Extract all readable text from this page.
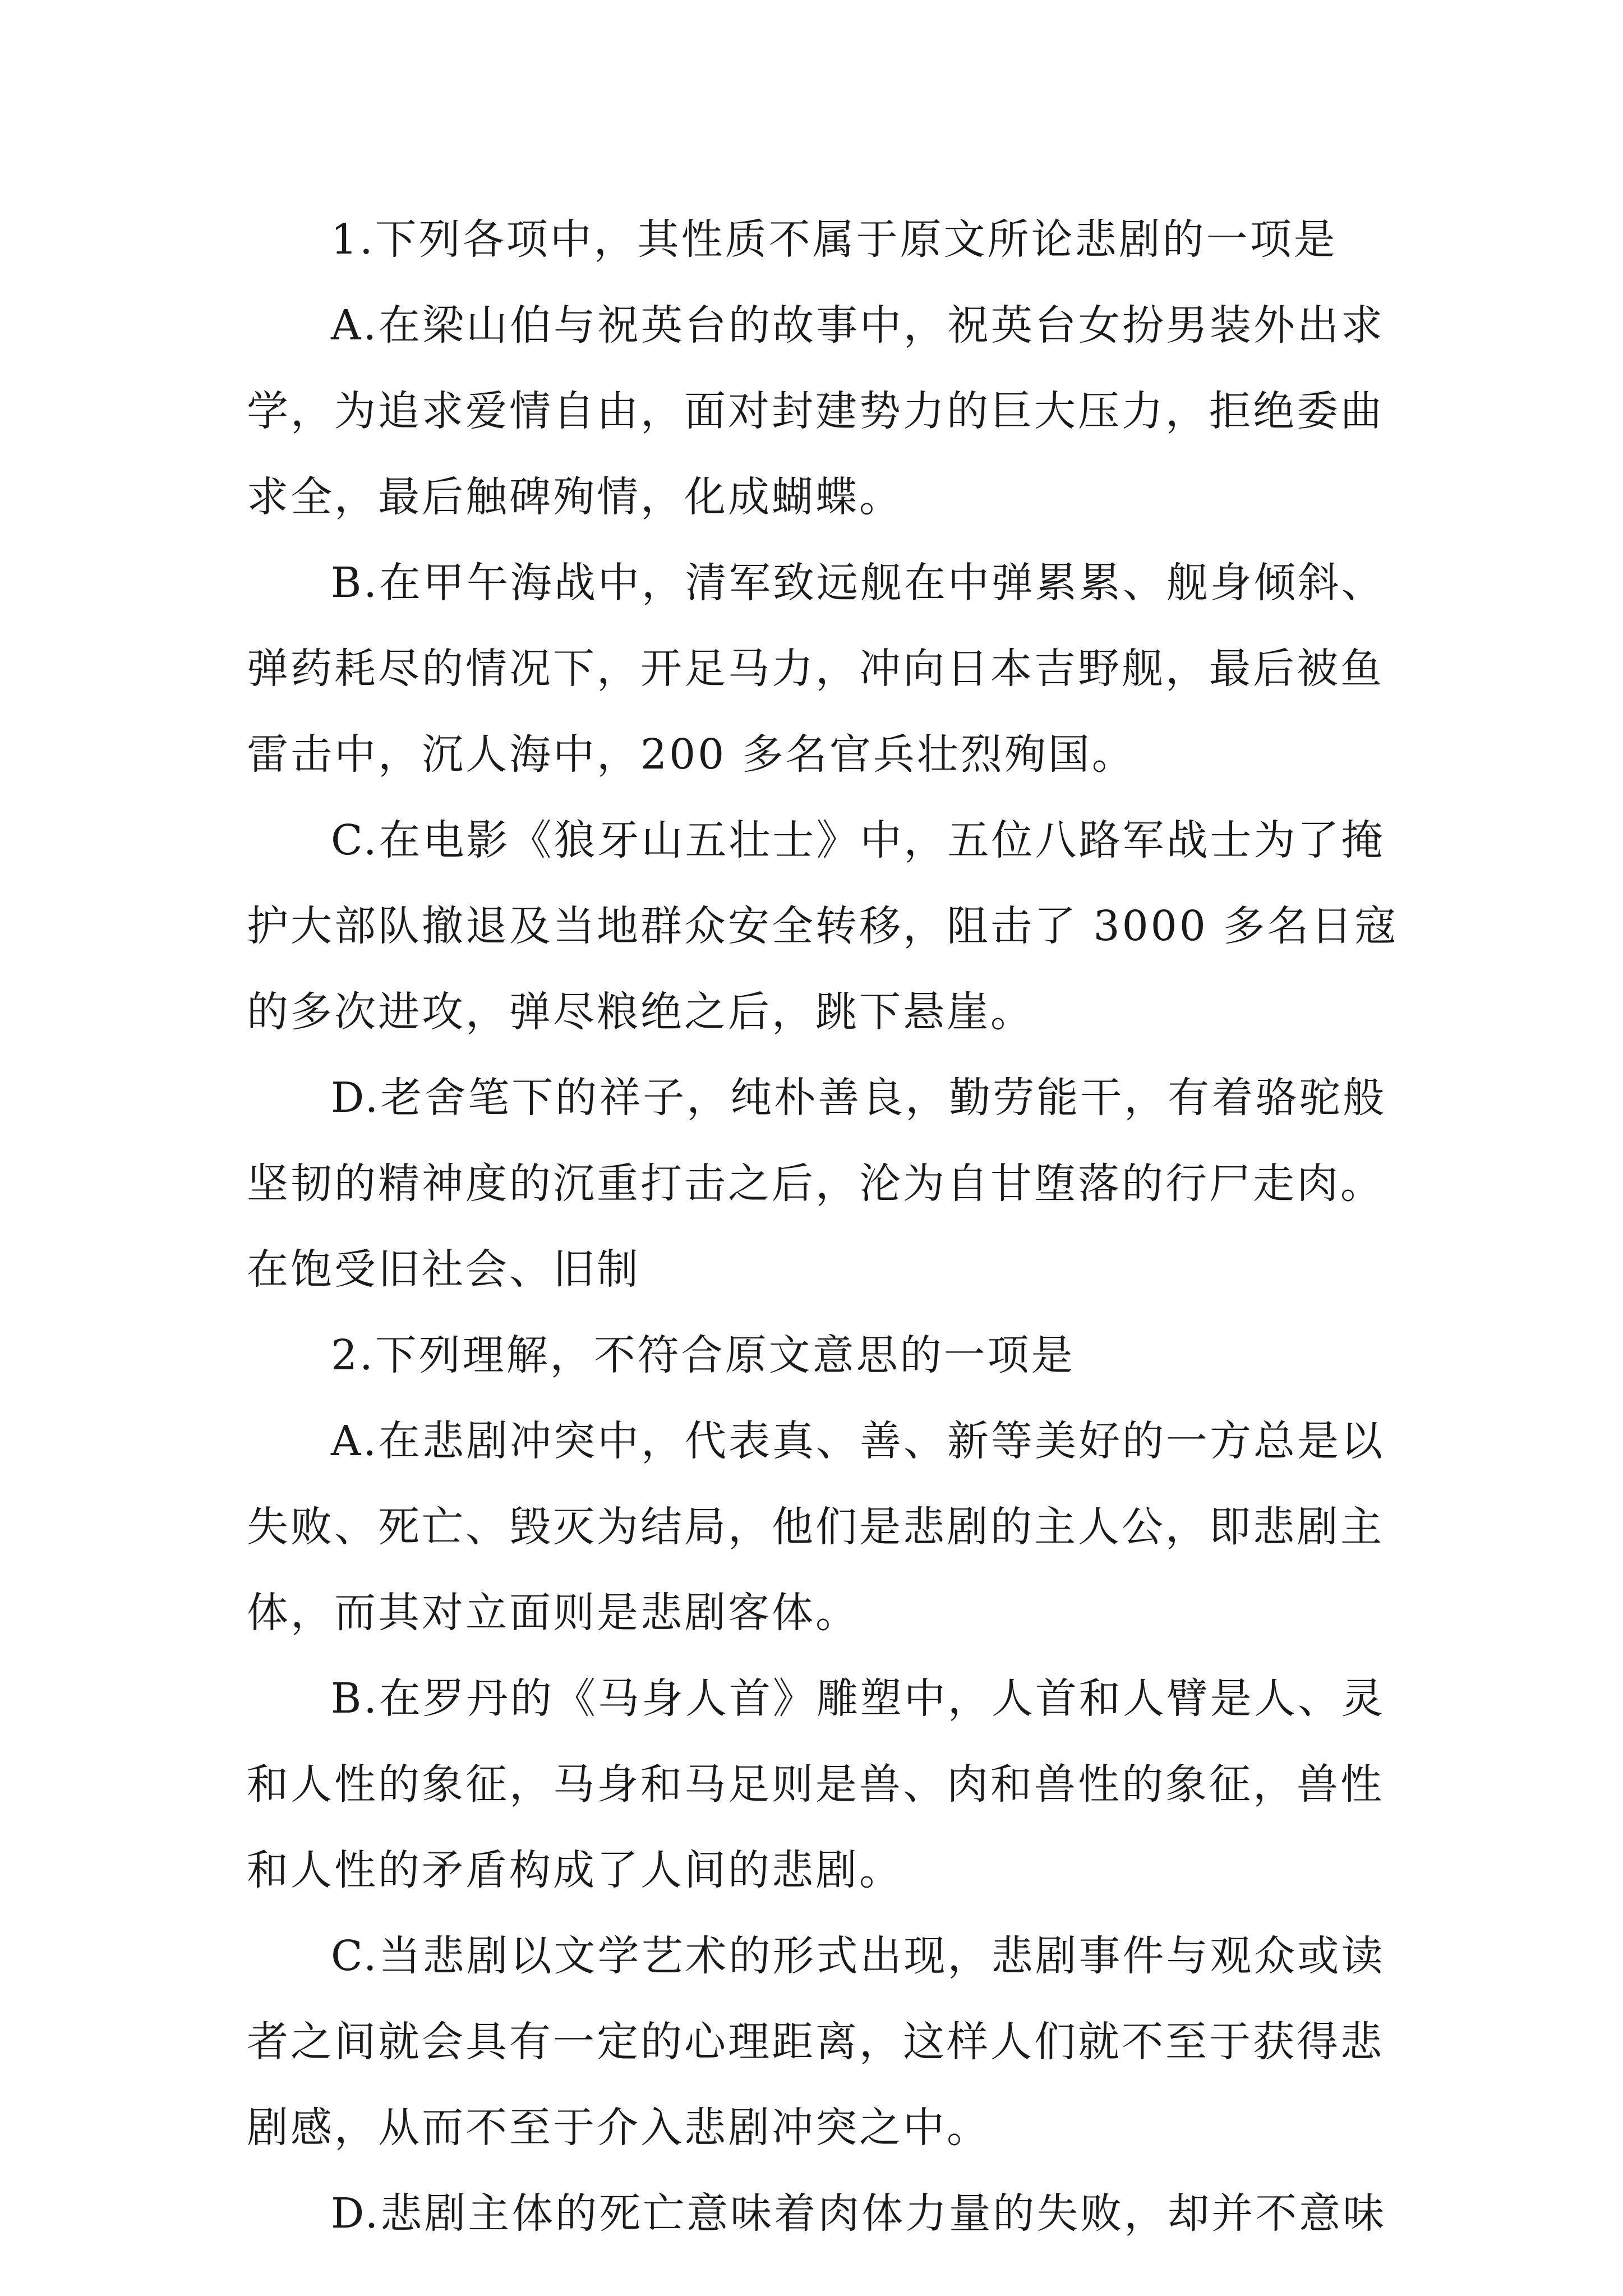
1.下列各项中，其性质不属于原文所论悲剧的一项是
A.在梁山伯与祝英台的故事中，祝英台女扮男装外出求
学，为追求爱情自由，面对封建势力的巨大压力，拒绝委曲
求全，最后触碑殉情，化成蝴蝶。
B.在甲午海战中，清军致远舰在中弹累累、舰身倾斜、
弹药耗尽的情况下，开足马力，冲向日本吉野舰，最后被鱼
雷击中，沉人海中，200 多名官兵壮烈殉国。
C.在电影《狼牙山五壮士》中，五位八路军战士为了掩
护大部队撤退及当地群众安全转移，阻击了 3000 多名日寇
的多次进攻，弹尽粮绝之后，跳下悬崖。
D.老舍笔下的祥子，纯朴善良，勤劳能干，有着骆驼般
坚韧的精神度的沉重打击之后，沦为自甘堕落的行尸走肉。
在饱受旧社会、旧制
2.下列理解，不符合原文意思的一项是
A.在悲剧冲突中，代表真、善、新等美好的一方总是以
失败、死亡、毁灭为结局，他们是悲剧的主人公，即悲剧主
体，而其对立面则是悲剧客体。
B.在罗丹的《马身人首》雕塑中，人首和人臂是人、灵
和人性的象征，马身和马足则是兽、肉和兽性的象征，兽性
和人性的矛盾构成了人间的悲剧。
C.当悲剧以文学艺术的形式出现，悲剧事件与观众或读
者之间就会具有一定的心理距离，这样人们就不至于获得悲
剧感，从而不至于介入悲剧冲突之中。
D.悲剧主体的死亡意味着肉体力量的失败，却并不意味
